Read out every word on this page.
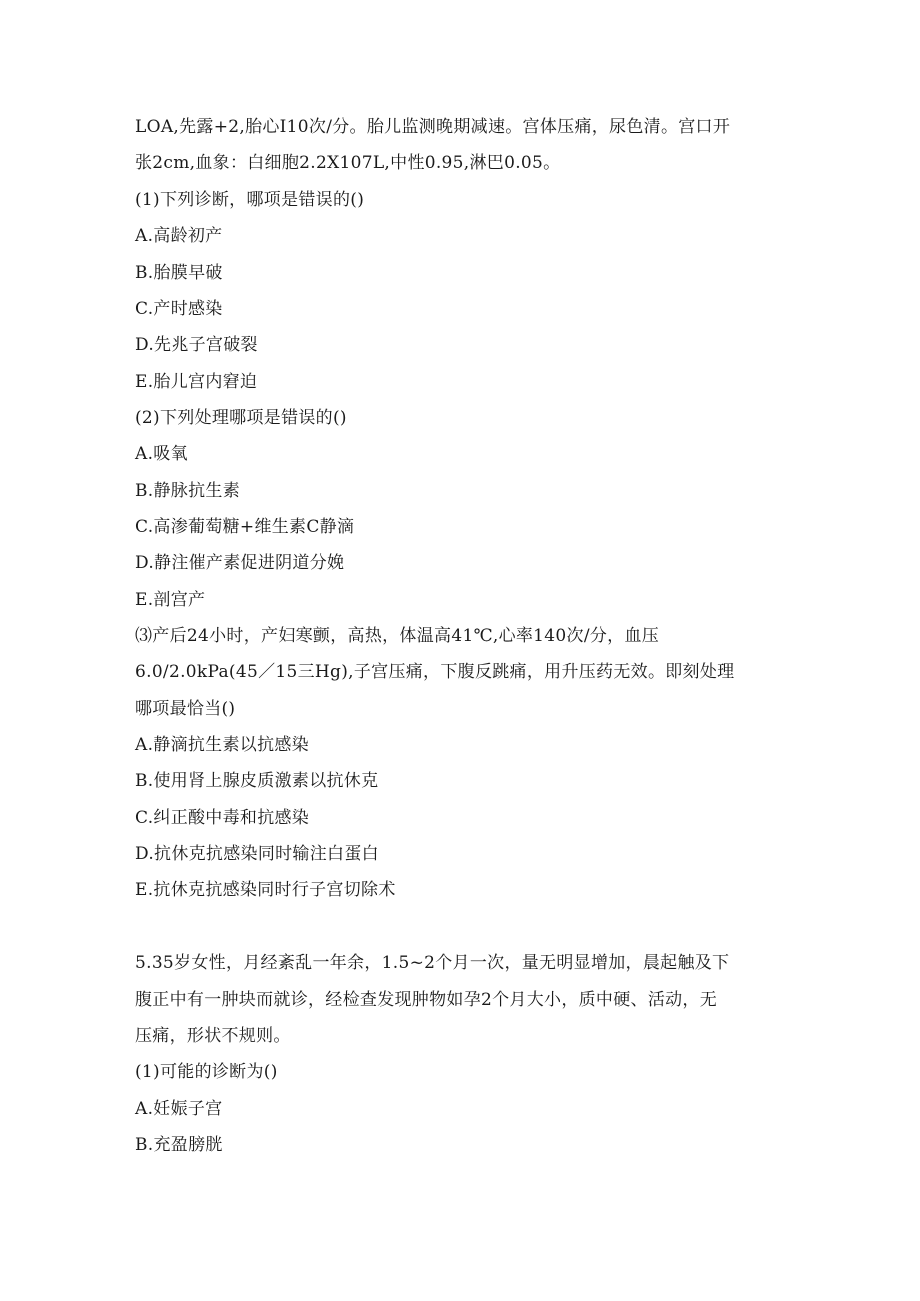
LOA,先露+2,胎心I10次/分。胎儿监测晚期减速。宫体压痛，尿色清。宫口开
张2cm,血象：白细胞2.2X107L,中性0.95,淋巴0.05。
(1)下列诊断，哪项是错误的()
A.高龄初产
B.胎膜早破
C.产时感染
D.先兆子宫破裂
E.胎儿宫内窘迫
(2)下列处理哪项是错误的()
A.吸氧
B.静脉抗生素
C.高渗葡萄糖+维生素C静滴
D.静注催产素促进阴道分娩
E.剖宫产
⑶产后24小时，产妇寒颤，高热，体温高41℃,心率140次/分，血压
6.0/2.0kPa(45／15三Hg),子宫压痛，下腹反跳痛，用升压药无效。即刻处理
哪项最恰当()
A.静滴抗生素以抗感染
B.使用肾上腺皮质激素以抗休克
C.纠正酸中毒和抗感染
D.抗休克抗感染同时输注白蛋白
E.抗休克抗感染同时行子宫切除术
5.35岁女性，月经紊乱一年余，1.5~2个月一次，量无明显增加，晨起触及下
腹正中有一肿块而就诊，经检查发现肿物如孕2个月大小，质中硬、活动，无
压痛，形状不规则。
(1)可能的诊断为()
A.妊娠子宫
B.充盈膀胱
